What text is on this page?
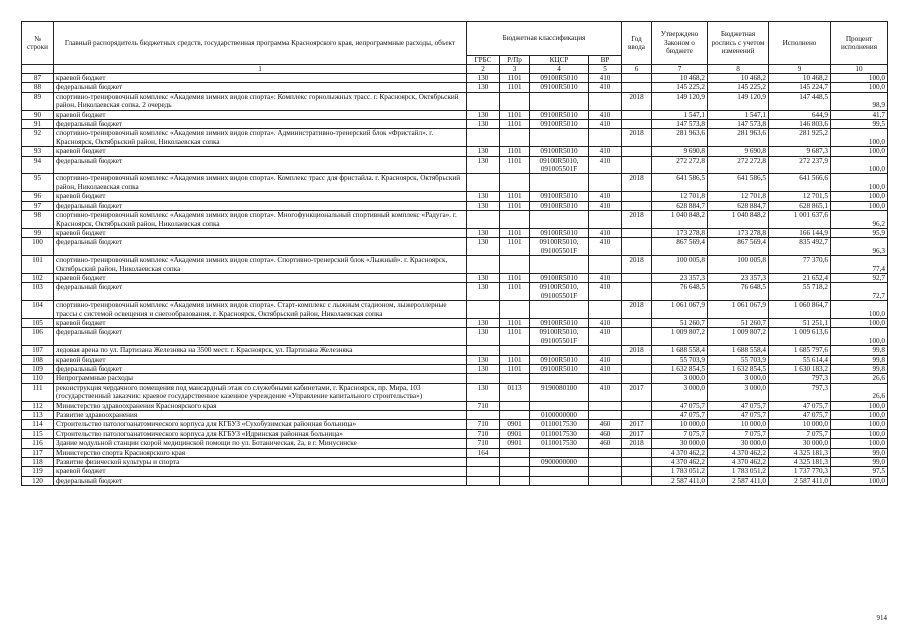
№ строки	Главный распорядитель бюджетных средств, государственная программа Красноярского края, непрограммные расходы, объект	Бюджетная классификация				Год ввода	Утверждено Законом о бюджете	Бюджетная роспись с учетом изменений	Исполнено	Процент исполнения
		ГРБС	Р/Пр	КЦСР	ВР					
	1	2	3	4	5	6	7	8	9	10
87	краевой бюджет	130	1101	09100R5010	410		10 468,2	10 468,2	10 468,2	100,0
88	федеральный бюджет	130	1101	09100R5010	410		145 225,2	145 225,2	145 224,7	100,0
89	спортивно-тренировочный комплекс «Академия зимних видов спорта»: Комплекс горнолыжных трасс. г. Красноярск, Октябрьский район, Николаевская сопка. 2 очередь					2018	149 120,9	149 120,9	147 448,5	98,9
90	краевой бюджет	130	1101	09100R5010	410		1 547,1	1 547,1	644,9	41,7
91	федеральный бюджет	130	1101	09100R5010	410		147 573,8	147 573,8	146 803,6	99,5
92	спортивно-тренировочный комплекс «Академия зимних видов спорта». Административно-тренерский блок «Фристайл». г. Красноярск, Октябрьский район, Николаевская сопка					2018	281 963,6	281 963,6	281 925,2	100,0
93	краевой бюджет	130	1101	09100R5010	410		9 690,8	9 690,8	9 687,3	100,0
94	федеральный бюджет	130	1101	09100R5010, 091005501F	410		272 272,8	272 272,8	272 237,9	100,0
95	спортивно-тренировочный комплекс «Академия зимних видов спорта». Комплекс трасс для фристайла. г. Красноярск, Октябрьский район, Николаевская сопка					2018	641 586,5	641 586,5	641 566,6	100,0
96	краевой бюджет	130	1101	09100R5010	410		12 701,8	12 701,8	12 701,5	100,0
97	федеральный бюджет	130	1101	09100R5010	410		628 884,7	628 884,7	628 865,1	100,0
98	спортивно-тренировочный комплекс «Академия зимних видов спорта». Многофункциональный спортивный комплекс «Радуга». г. Красноярск, Октябрьский район, Николаевская сопка					2018	1 040 848,2	1 040 848,2	1 001 637,6	96,2
99	краевой бюджет	130	1101	09100R5010	410		173 278,8	173 278,8	166 144,9	95,9
100	федеральный бюджет	130	1101	09100R5010, 091005501F	410		867 569,4	867 569,4	835 492,7	96,3
101	спортивно-тренировочный комплекс «Академия зимних видов спорта». Спортивно-тренерский блок «Лыжный». г. Красноярск, Октябрьский район, Николаевская сопка					2018	100 005,8	100 005,8	77 370,6	77,4
102	краевой бюджет	130	1101	09100R5010	410		23 357,3	23 357,3	21 652,4	92,7
103	федеральный бюджет	130	1101	09100R5010, 091005501F	410		76 648,5	76 648,5	55 718,2	72,7
104	спортивно-тренировочный комплекс «Академия зимних видов спорта». Старт-комплекс с лыжным стадионом, лыжероллерные трассы с системой освещения и снегообразования. г. Красноярск, Октябрьский район, Николаевская сопка					2018	1 061 067,9	1 061 067,9	1 060 864,7	100,0
105	краевой бюджет	130	1101	09100R5010	410		51 260,7	51 260,7	51 251,1	100,0
106	федеральный бюджет	130	1101	09100R5010, 091005501F	410		1 009 807,2	1 009 807,2	1 009 613,6	100,0
107	ледовая арена по ул. Партизана Железняка на 3500 мест. г. Красноярск, ул. Партизана Железняка					2018	1 688 558,4	1 688 558,4	1 685 797,6	99,8
108	краевой бюджет	130	1101	09100R5010	410		55 703,9	55 703,9	55 614,4	99,8
109	федеральный бюджет	130	1101	09100R5010	410		1 632 854,5	1 632 854,5	1 630 183,2	99,8
110	Непрограммные расходы						3 000,0	3 000,0	797,3	26,6
111	реконструкция чердачного помещения под мансардный этаж со служебными кабинетами, г. Красноярск, пр. Мира, 103 (государственный заказчик: краевое государственное казенное учреждение «Управление капитального строительства»)	130	0113	9190080100	410	2017	3 000,0	3 000,0	797,3	26,6
112	Министерство здравоохранения Красноярского края	710					47 075,7	47 075,7	47 075,7	100,0
113	Развитие здравоохранения			0100000000			47 075,7	47 075,7	47 075,7	100,0
114	Строительство патологоанатомического корпуса для КГБУЗ «Сухобузимская районная больница»	710	0901	0110017530	460	2017	10 000,0	10 000,0	10 000,0	100,0
115	Строительство патологоанатомического корпуса для КГБУЗ «Идринская районная больница»	710	0901	0110017530	460	2017	7 075,7	7 075,7	7 075,7	100,0
116	Здание модульной станции скорой медицинской помощи по ул. Ботаническая, 2а, в г. Минусинске	710	0901	0110017530	460	2018	30 000,0	30 000,0	30 000,0	100,0
117	Министерство спорта Красноярского края	164					4 370 462,2	4 370 462,2	4 325 181,3	99,0
118	Развитие физической культуры и спорта			0900000000			4 370 462,2	4 370 462,2	4 325 181,3	99,0
119	краевой бюджет						1 783 051,2	1 783 051,2	1 737 770,3	97,5
120	федеральный бюджет						2 587 411,0	2 587 411,0	2 587 411,0	100,0
914
